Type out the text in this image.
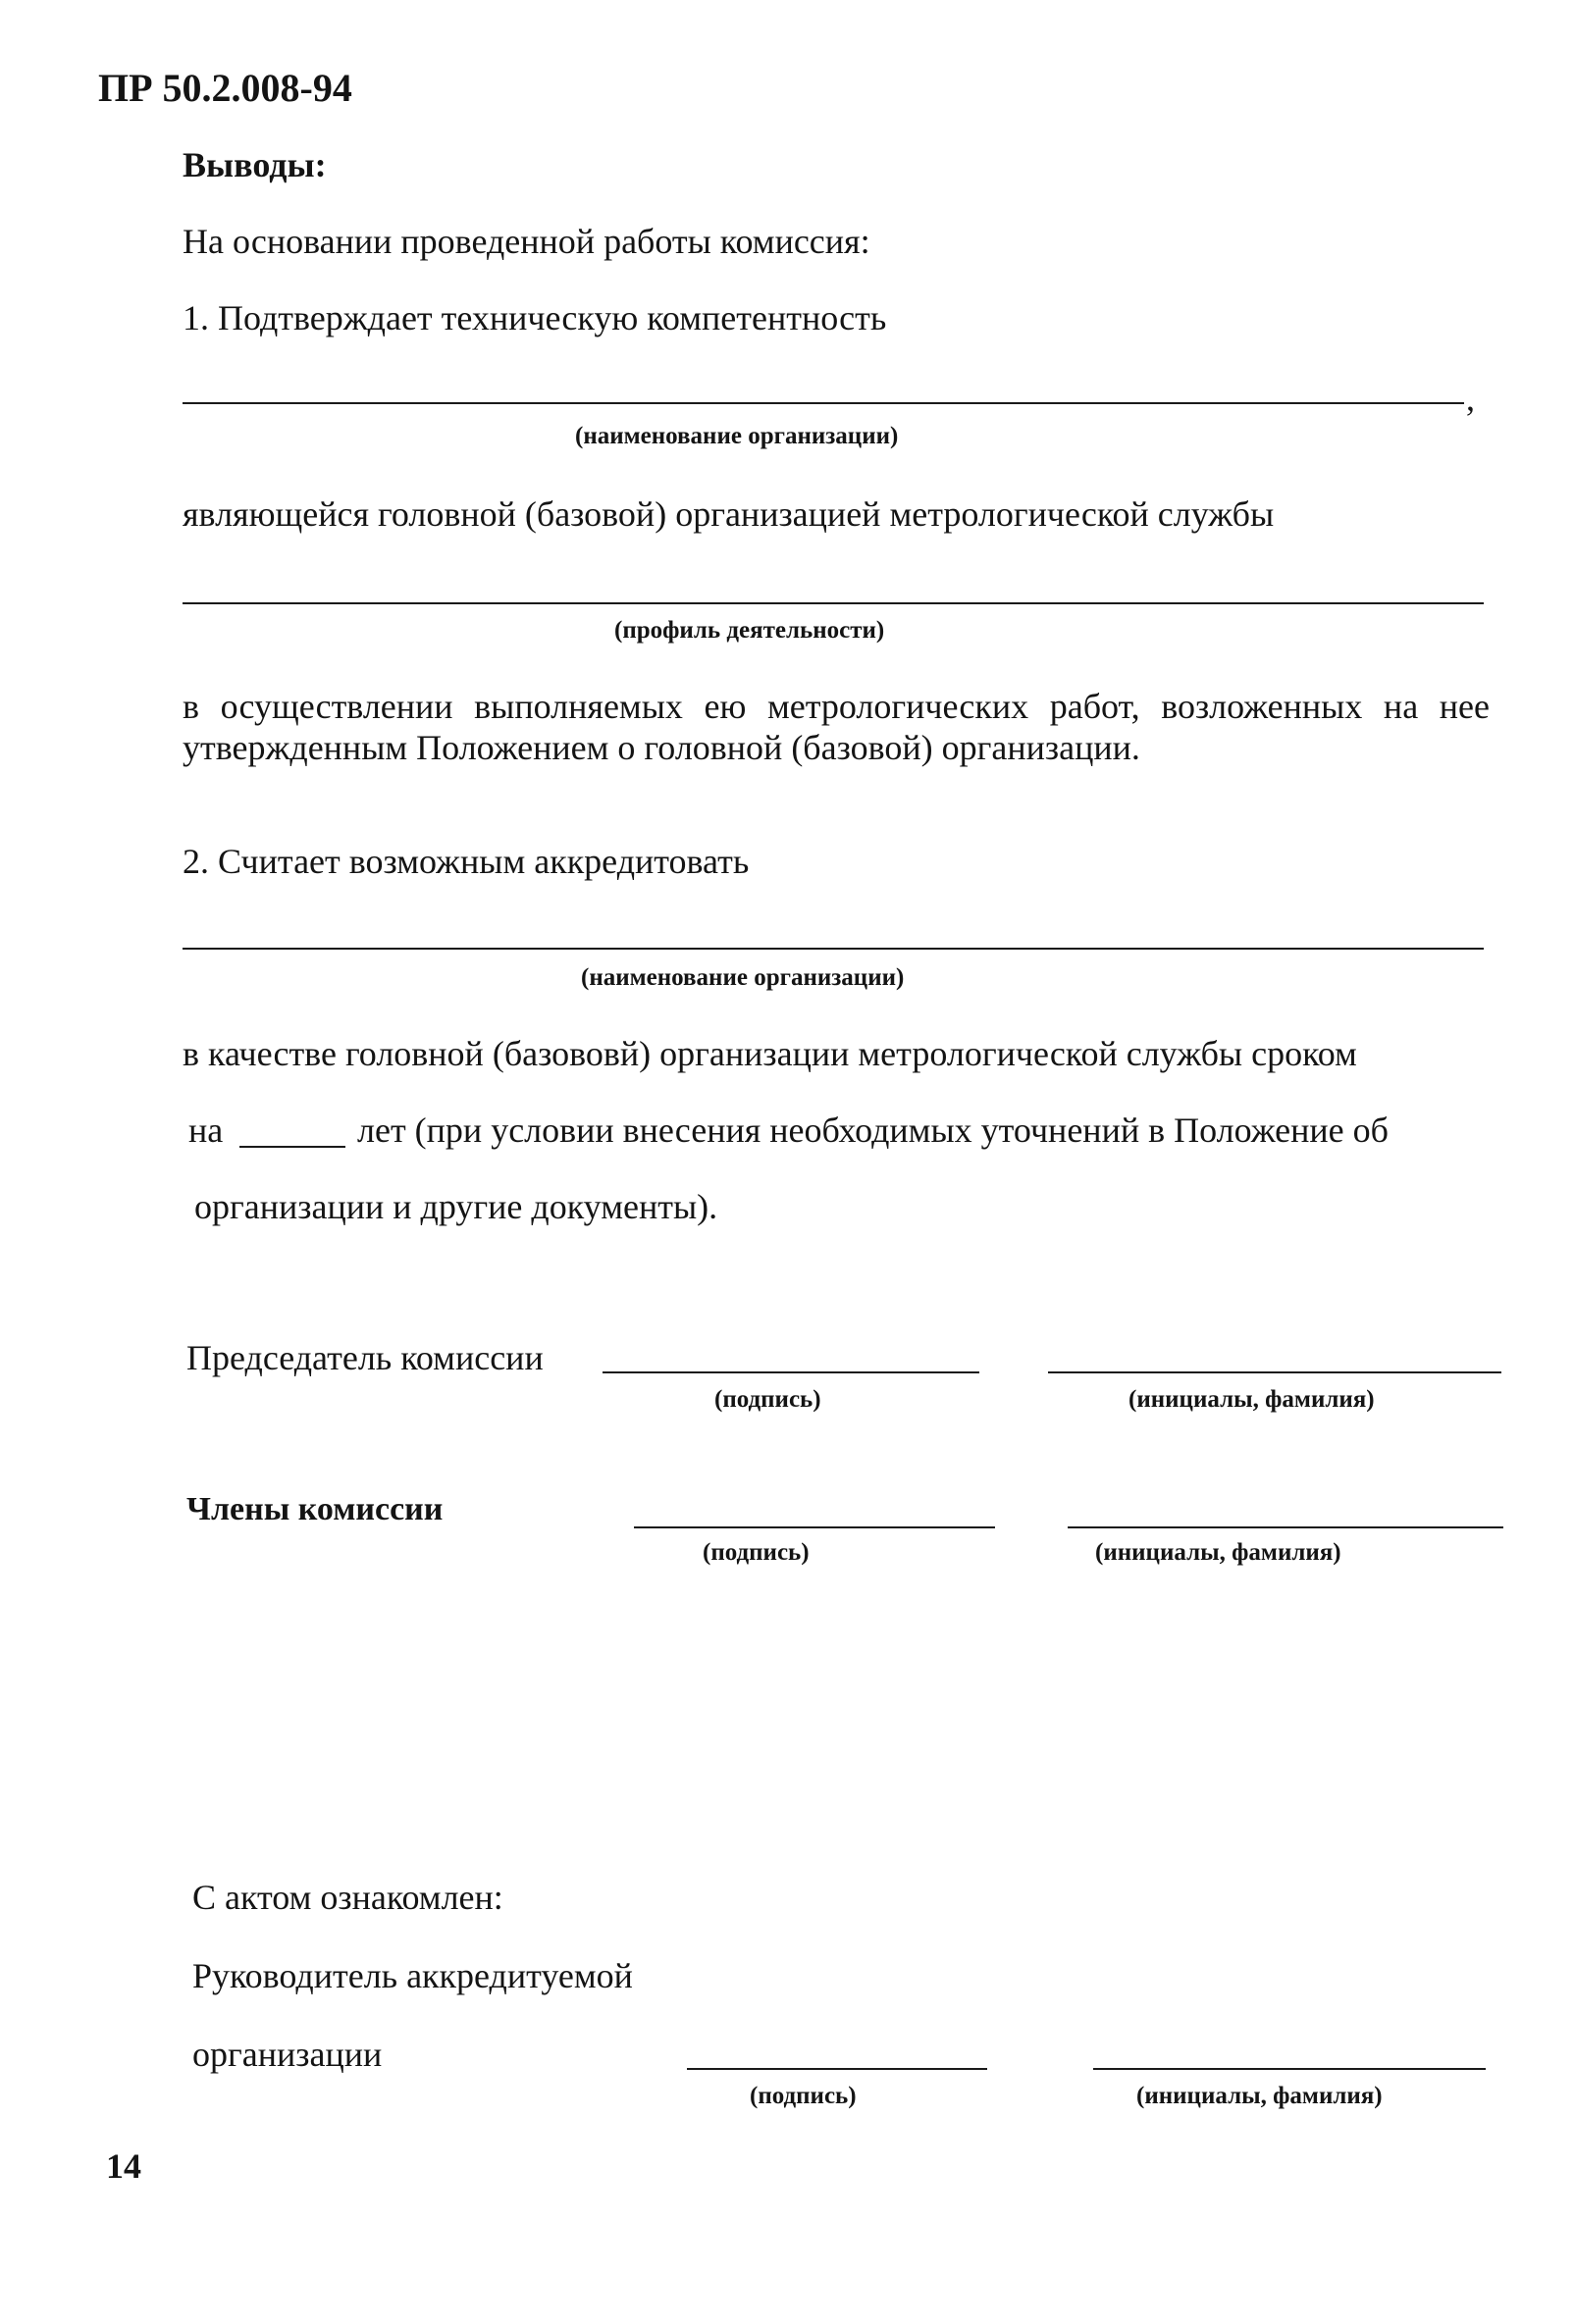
ПР 50.2.008-94
Выводы:
На основании проведенной работы комиссия:
1. Подтверждает техническую компетентность
,
(наименование организации)
являющейся головной (базовой) организацией метрологической службы
(профиль деятельности)
в осуществлении выполняемых ею метрологических работ, возложенных на нее
утвержденным Положением о головной (базовой) организации.
2. Считает возможным аккредитовать
(наименование организации)
в качестве головной (базововй) организации метрологической службы сроком
на	лет (при условии внесения необходимых уточнений в Положение об
организации и другие документы).
Председатель комиссии
(подпись)	(инициалы, фамилия)
Члены комиссии
(подпись)	(инициалы, фамилия)
С актом ознакомлен:
Руководитель аккредитуемой
организации
(подпись)	(инициалы, фамилия)
14
